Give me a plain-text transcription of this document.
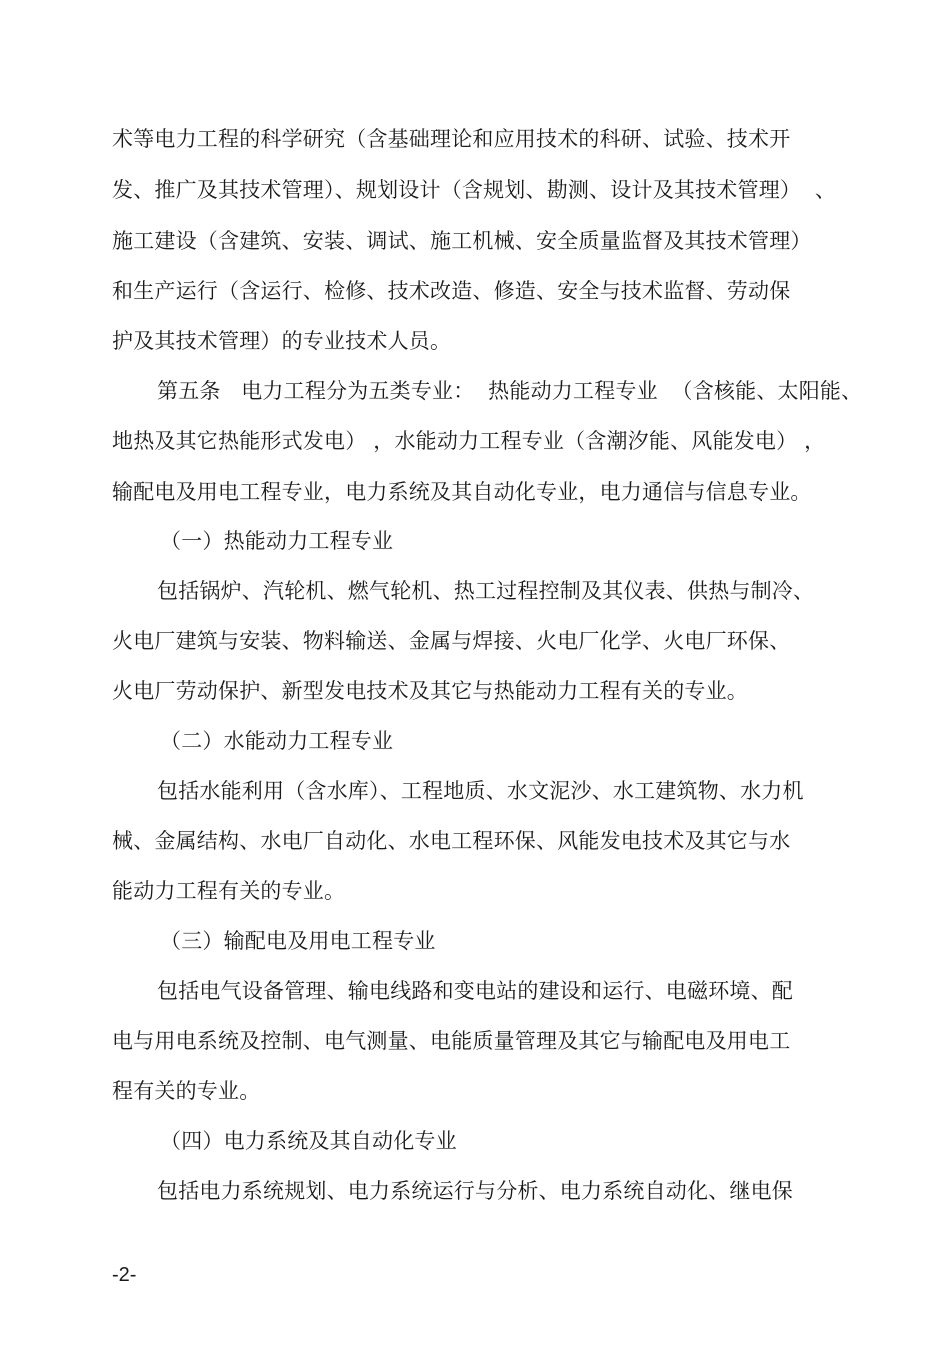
术等电力工程的科学研究（含基础理论和应用技术的科研、试验、技术开
发、推广及其技术管理）、规划设计（含规划、勘测、设计及其技术管理）  、
施工建设（含建筑、安装、调试、施工机械、安全质量监督及其技术管理）
和生产运行（含运行、检修、技术改造、修造、安全与技术监督、劳动保
护及其技术管理）的专业技术人员。
第五条   电力工程分为五类专业：  热能动力工程专业  （含核能、太阳能、
地热及其它热能形式发电） ，水能动力工程专业（含潮汐能、风能发电） ，
输配电及用电工程专业，电力系统及其自动化专业，电力通信与信息专业。
（一）热能动力工程专业
包括锅炉、汽轮机、燃气轮机、热工过程控制及其仪表、供热与制冷、
火电厂建筑与安装、物料输送、金属与焊接、火电厂化学、火电厂环保、
火电厂劳动保护、新型发电技术及其它与热能动力工程有关的专业。
（二）水能动力工程专业
包括水能利用（含水库）、工程地质、水文泥沙、水工建筑物、水力机
械、金属结构、水电厂自动化、水电工程环保、风能发电技术及其它与水
能动力工程有关的专业。
（三）输配电及用电工程专业
包括电气设备管理、输电线路和变电站的建设和运行、电磁环境、配
电与用电系统及控制、电气测量、电能质量管理及其它与输配电及用电工
程有关的专业。
（四）电力系统及其自动化专业
包括电力系统规划、电力系统运行与分析、电力系统自动化、继电保
-2-
